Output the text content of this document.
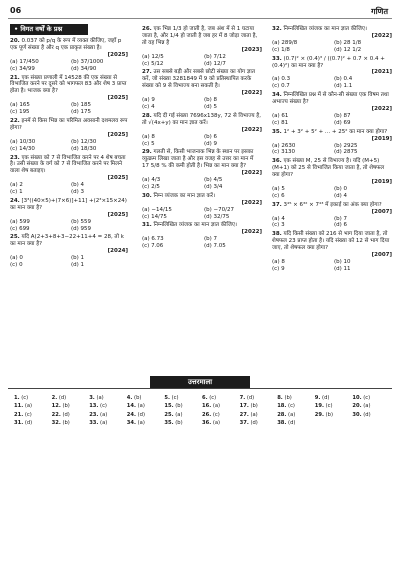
06	गणित
• विगत वर्षों के प्रश्न
20. 0.037 को p/q के रूप में व्यक्त कीजिए, जहाँ p एक पूर्ण संख्या है और q एक प्राकृत संख्या है।
[2025]
(a) 17/450	(b) 37/1000
(c) 34/99	(d) 34/90
21. एक संख्या प्रणाली में 14528 की एक संख्या से विभाजित करने पर दूसरे को भागफल 83 और शेष 3 प्राप्त होता है। भाजक क्या है?
[2025]
(a) 165	(b) 185
(c) 195	(d) 175
22. इनमें से किस भिन्न का परिमित अवसानी दशमलव रूप होगा?
[2025]
(a) 10/30	(b) 12/30
(c) 14/30	(d) 18/30
23. एक संख्या को 7 से विभाजित करने पर 4 शेष बचता है। उसी संख्या के वर्ग को 7 से विभाजित करने पर मिलने वाला शेष बताइए।
[2025]
(a) 2	(b) 4
(c) 1	(d) 3
24. [3³((40×5)+(7×6)]+11] +(2³×15×24) का मान क्या है?
[2025]
(a) 599	(b) 559
(c) 699	(d) 959
25. यदि A(2+3+8+3−22+11+4 = 28, तो k का मान क्या है?
[2024]
(a) 0	(b) 1
(c) 0	(d) 1
26. एक भिन्न 1/3 हो जाती है, जब अंश में से 1 घटाया जाता है, और 1/4 हो जाती है जब हर में 8 जोड़ा जाता है, तो वह भिन्न है
[2023]
(a) 12/5	(b) 7/12
(c) 5/12	(d) 12/7
27. उस सबसे बड़ी और सबसे छोटी संख्या का योग ज्ञात करें, जो संख्या 3281849 में 9 को प्रतिस्थापित करके संख्या को 9 से विभाज्य बना सकती है।
[2022]
(a) 9	(b) 8
(c) 4	(d) 5
28. यदि दी गई संख्या 7696x138y, 72 से विभाज्य है, तो √(4x+y) का मान ज्ञात करें।
[2022]
(a) 8	(b) 6
(c) 5	(d) 9
29. गलती से, किसी भाजनाक भिन्न के स्थान पर इसका व्युत्क्रम लिखा जाता है और इस वजह से उत्तर का मान में 17 5/8 % की कमी होती है। भिन्न का मान क्या है?
[2022]
(a) 4/3	(b) 4/5
(c) 2/5	(d) 3/4
30. निम्न व्यंजक का मान ज्ञात करें।
[2022]
(a) −14/15	(b) −70/27
(c) 14/75	(d) 32/75
31. निम्नलिखित व्यंजक का मान ज्ञात कीजिए।
[2022]
(a) 6.73	(b) 7
(c) 7.06	(d) 7.05
32. निम्नलिखित व्यंजक का मान ज्ञात कीजिए।
[2022]
(a) 289/8	(b) 28 1/8
(c) 1/8	(d) 12 1/2
33. (0.7)² × (0.4)³ / ((0.7)² + 0.7 × 0.4 + (0.4)²) का मान क्या है?
[2021]
(a) 0.3	(b) 0.4
(c) 0.7	(d) 1.1
34. निम्नलिखित प्रश्न में से कौन-सी संख्या एक विषम तथा अभाज्य संख्या है?
[2022]
(a) 61	(b) 87
(c) 81	(d) 69
35. 1² + 3² + 5² + ... + 25² का मान क्या होगा?
[2019]
(a) 2630	(b) 2925
(c) 3130	(d) 2875
36. एक संख्या M, 25 से विभाज्य है। यदि (M+5)(M+1) को 25 से विभाजित किया जाता है, तो शेषफल क्या होगा?
[2019]
(a) 5	(b) 0
(c) 6	(d) 4
37. 3⁴⁵ × 6³² × 7⁴³ में इकाई का अंक क्या होगा?
[2007]
(a) 4	(b) 7
(c) 3	(d) 6
38. यदि किसी संख्या को 216 से भाग दिया जाता है, तो शेषफल 23 प्राप्त होता है। यदि संख्या को 12 से भाग दिया जाए, तो शेषफल क्या होगा?
[2007]
(a) 8	(b) 10
(c) 9	(d) 11
उत्तरमाला
1. (c)	2. (d)	3. (a)	4. (b)	5. (c)	6. (c)	7. (d)	8. (b)	9. (d)	10. (c)
11. (a)	12. (b)	13. (c)	14. (a)	15. (b)	16. (a)	17. (b)	18. (c)	19. (c)	20. (a)
21. (c)	22. (d)	23. (a)	24. (d)	25. (a)	26. (c)	27. (a)	28. (a)	29. (b)	30. (d)
31. (d)	32. (b)	33. (a)	34. (a)	35. (b)	36. (a)	37. (d)	38. (d)
